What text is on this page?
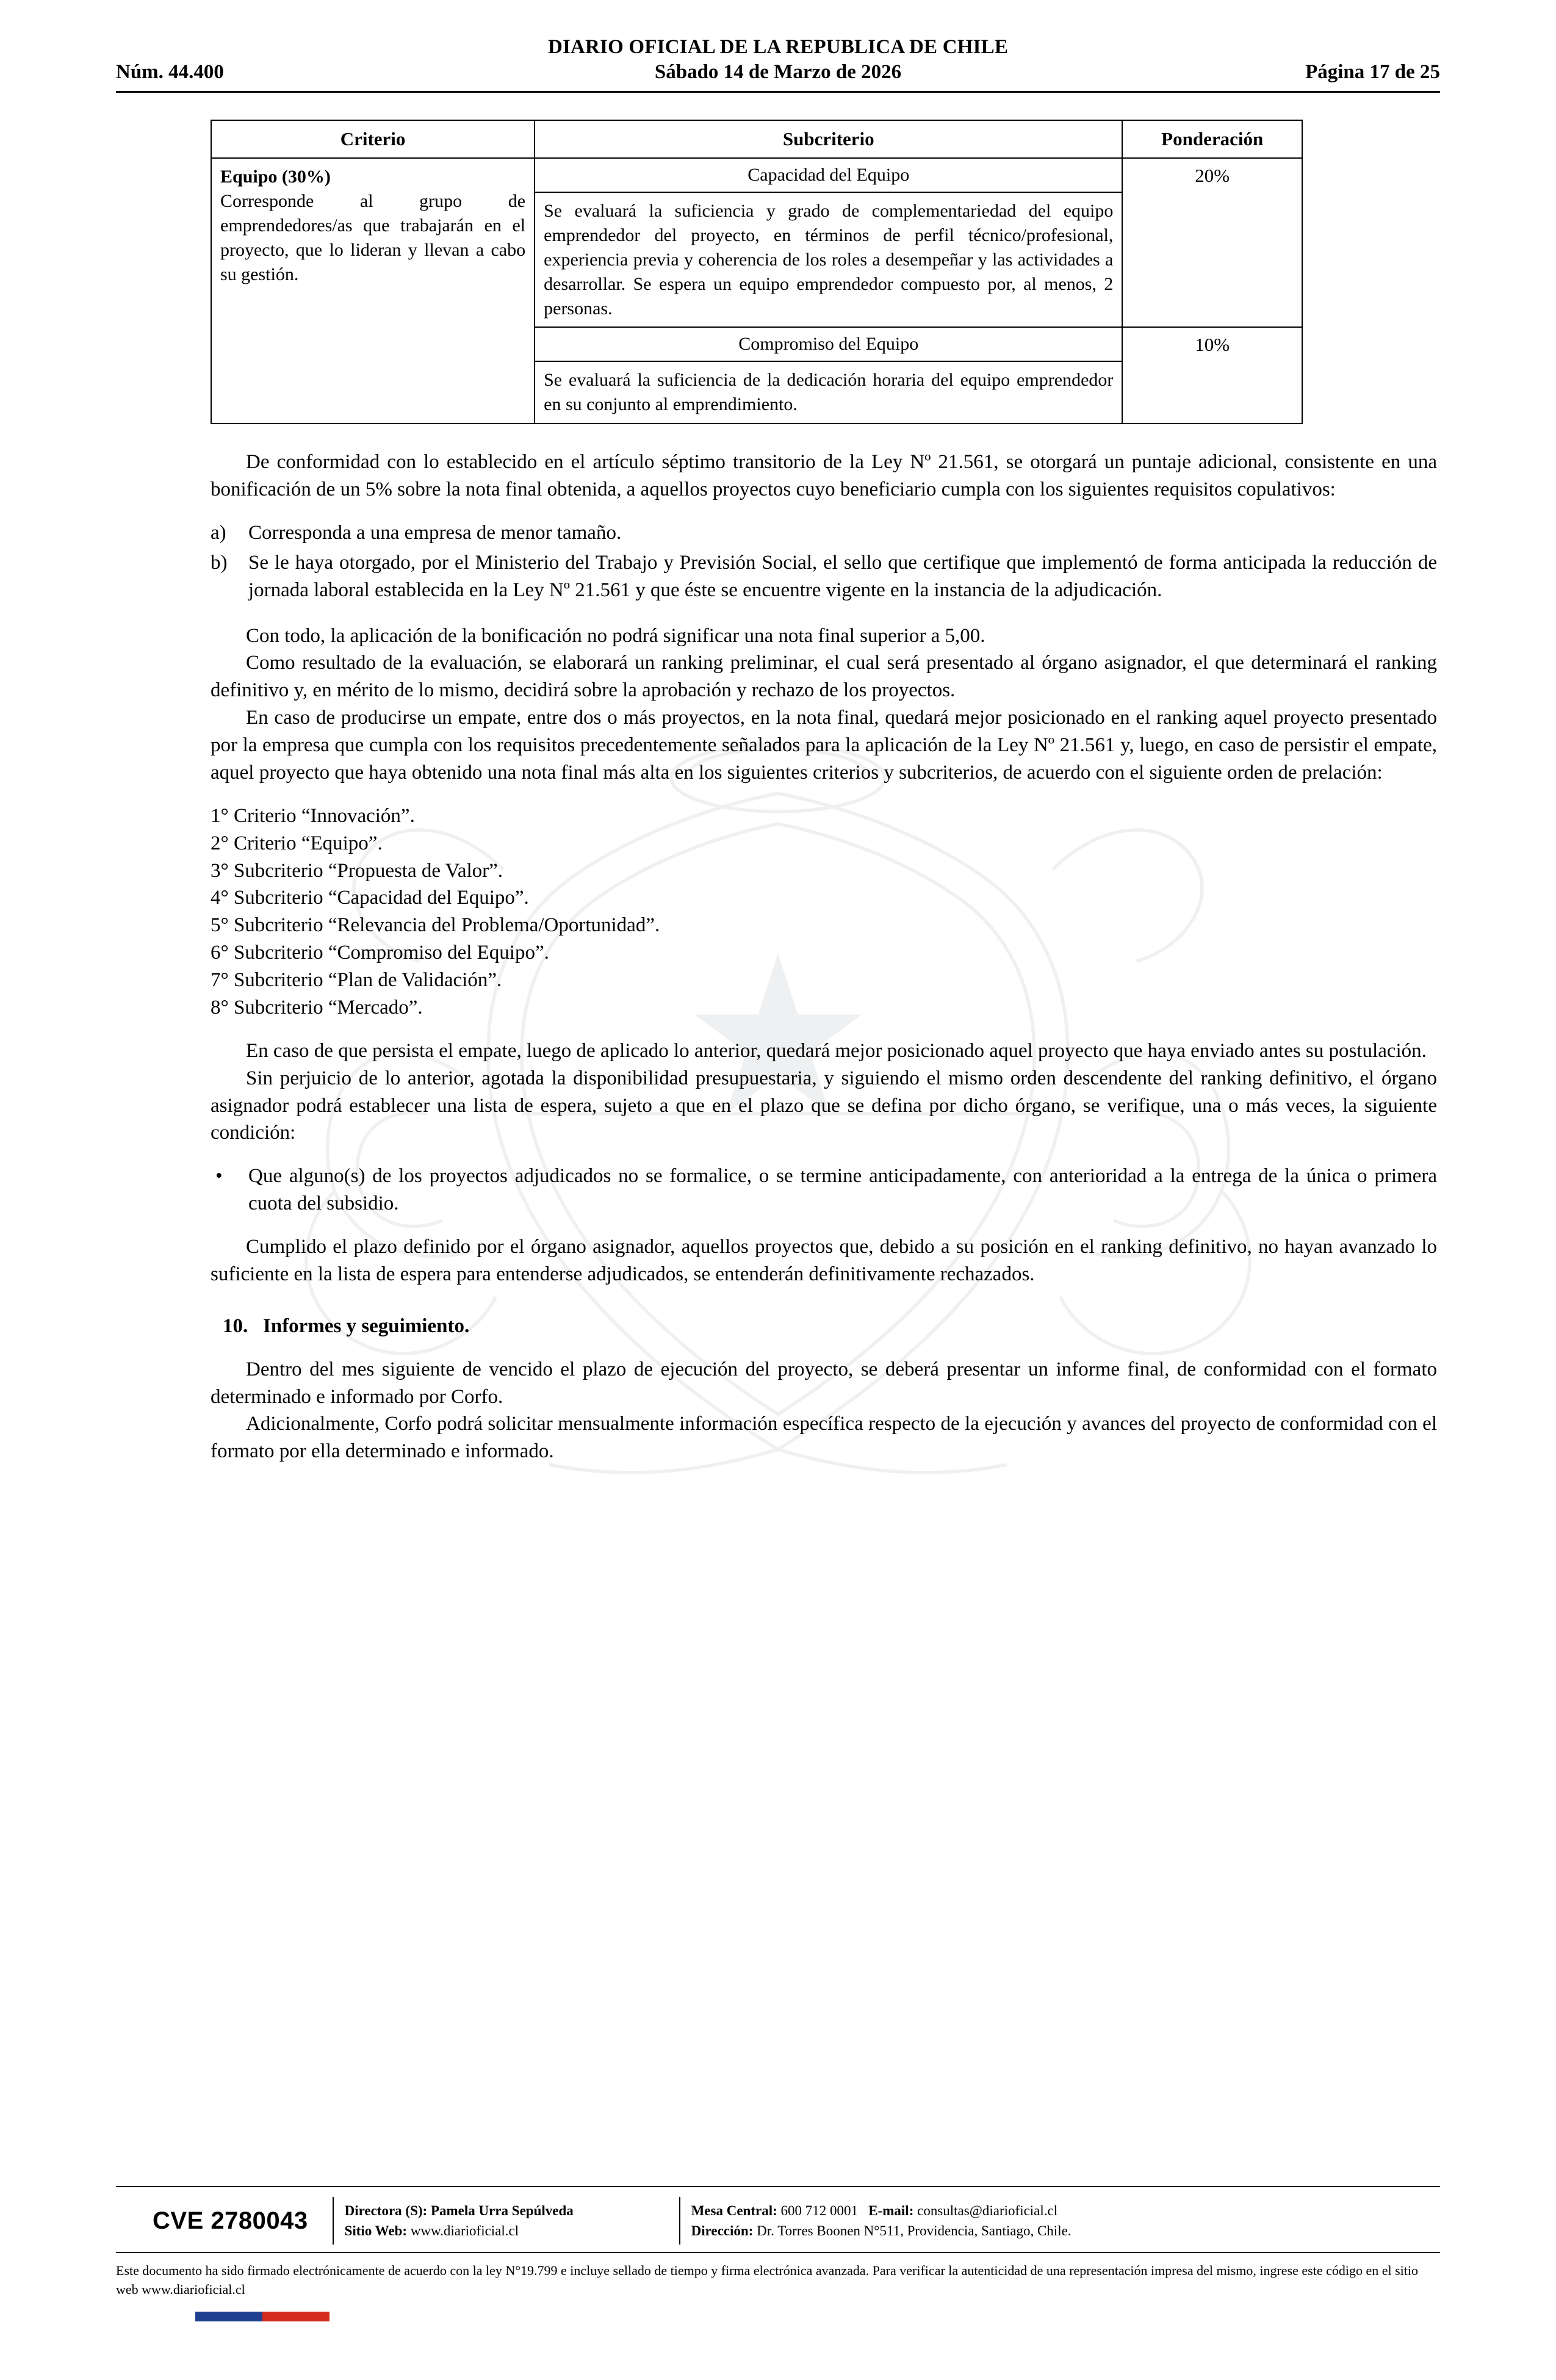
DIARIO OFICIAL DE LA REPUBLICA DE CHILE
Sábado 14 de Marzo de 2026
Núm. 44.400	Página 17 de 25
Criterio	Subcriterio	Ponderación

Equipo (30%)
Corresponde al grupo de emprendedores/as que trabajarán en el proyecto, que lo lideran y llevan a cabo su gestión.	Capacidad del Equipo	20%
	Se evaluará la suficiencia y grado de complementariedad del equipo emprendedor del proyecto, en términos de perfil técnico/profesional, experiencia previa y coherencia de los roles a desempeñar y las actividades a desarrollar. Se espera un equipo emprendedor compuesto por, al menos, 2 personas.	
	Compromiso del Equipo	10%
	Se evaluará la suficiencia de la dedicación horaria del equipo emprendedor en su conjunto al emprendimiento.	

De conformidad con lo establecido en el artículo séptimo transitorio de la Ley Nº 21.561, se otorgará un puntaje adicional, consistente en una bonificación de un 5% sobre la nota final obtenida, a aquellos proyectos cuyo beneficiario cumpla con los siguientes requisitos copulativos:

a)	Corresponda a una empresa de menor tamaño.
b)	Se le haya otorgado, por el Ministerio del Trabajo y Previsión Social, el sello que certifique que implementó de forma anticipada la reducción de jornada laboral establecida en la Ley Nº 21.561 y que éste se encuentre vigente en la instancia de la adjudicación.

Con todo, la aplicación de la bonificación no podrá significar una nota final superior a 5,00.

Como resultado de la evaluación, se elaborará un ranking preliminar, el cual será presentado al órgano asignador, el que determinará el ranking definitivo y, en mérito de lo mismo, decidirá sobre la aprobación y rechazo de los proyectos.

En caso de producirse un empate, entre dos o más proyectos, en la nota final, quedará mejor posicionado en el ranking aquel proyecto presentado por la empresa que cumpla con los requisitos precedentemente señalados para la aplicación de la Ley Nº 21.561 y, luego, en caso de persistir el empate, aquel proyecto que haya obtenido una nota final más alta en los siguientes criterios y subcriterios, de acuerdo con el siguiente orden de prelación:

1° Criterio “Innovación”.
2° Criterio “Equipo”.
3° Subcriterio “Propuesta de Valor”.
4° Subcriterio “Capacidad del Equipo”.
5° Subcriterio “Relevancia del Problema/Oportunidad”.
6° Subcriterio “Compromiso del Equipo”.
7° Subcriterio “Plan de Validación”.
8° Subcriterio “Mercado”.

En caso de que persista el empate, luego de aplicado lo anterior, quedará mejor posicionado aquel proyecto que haya enviado antes su postulación.

Sin perjuicio de lo anterior, agotada la disponibilidad presupuestaria, y siguiendo el mismo orden descendente del ranking definitivo, el órgano asignador podrá establecer una lista de espera, sujeto a que en el plazo que se defina por dicho órgano, se verifique, una o más veces, la siguiente condición:

•	Que alguno(s) de los proyectos adjudicados no se formalice, o se termine anticipadamente, con anterioridad a la entrega de la única o primera cuota del subsidio.

Cumplido el plazo definido por el órgano asignador, aquellos proyectos que, debido a su posición en el ranking definitivo, no hayan avanzado lo suficiente en la lista de espera para entenderse adjudicados, se entenderán definitivamente rechazados.

10. Informes y seguimiento.

Dentro del mes siguiente de vencido el plazo de ejecución del proyecto, se deberá presentar un informe final, de conformidad con el formato determinado e informado por Corfo.

Adicionalmente, Corfo podrá solicitar mensualmente información específica respecto de la ejecución y avances del proyecto de conformidad con el formato por ella determinado e informado.

CVE 2780043	Directora (S): Pamela Urra Sepúlveda
Sitio Web: www.diarioficial.cl
Mesa Central: 600 712 0001 E-mail: consultas@diarioficial.cl
Dirección: Dr. Torres Boonen N°511, Providencia, Santiago, Chile.
Este documento ha sido firmado electrónicamente de acuerdo con la ley N°19.799 e incluye sellado de tiempo y firma electrónica avanzada. Para verificar la autenticidad de una representación impresa del mismo, ingrese este código en el sitio web www.diarioficial.cl
